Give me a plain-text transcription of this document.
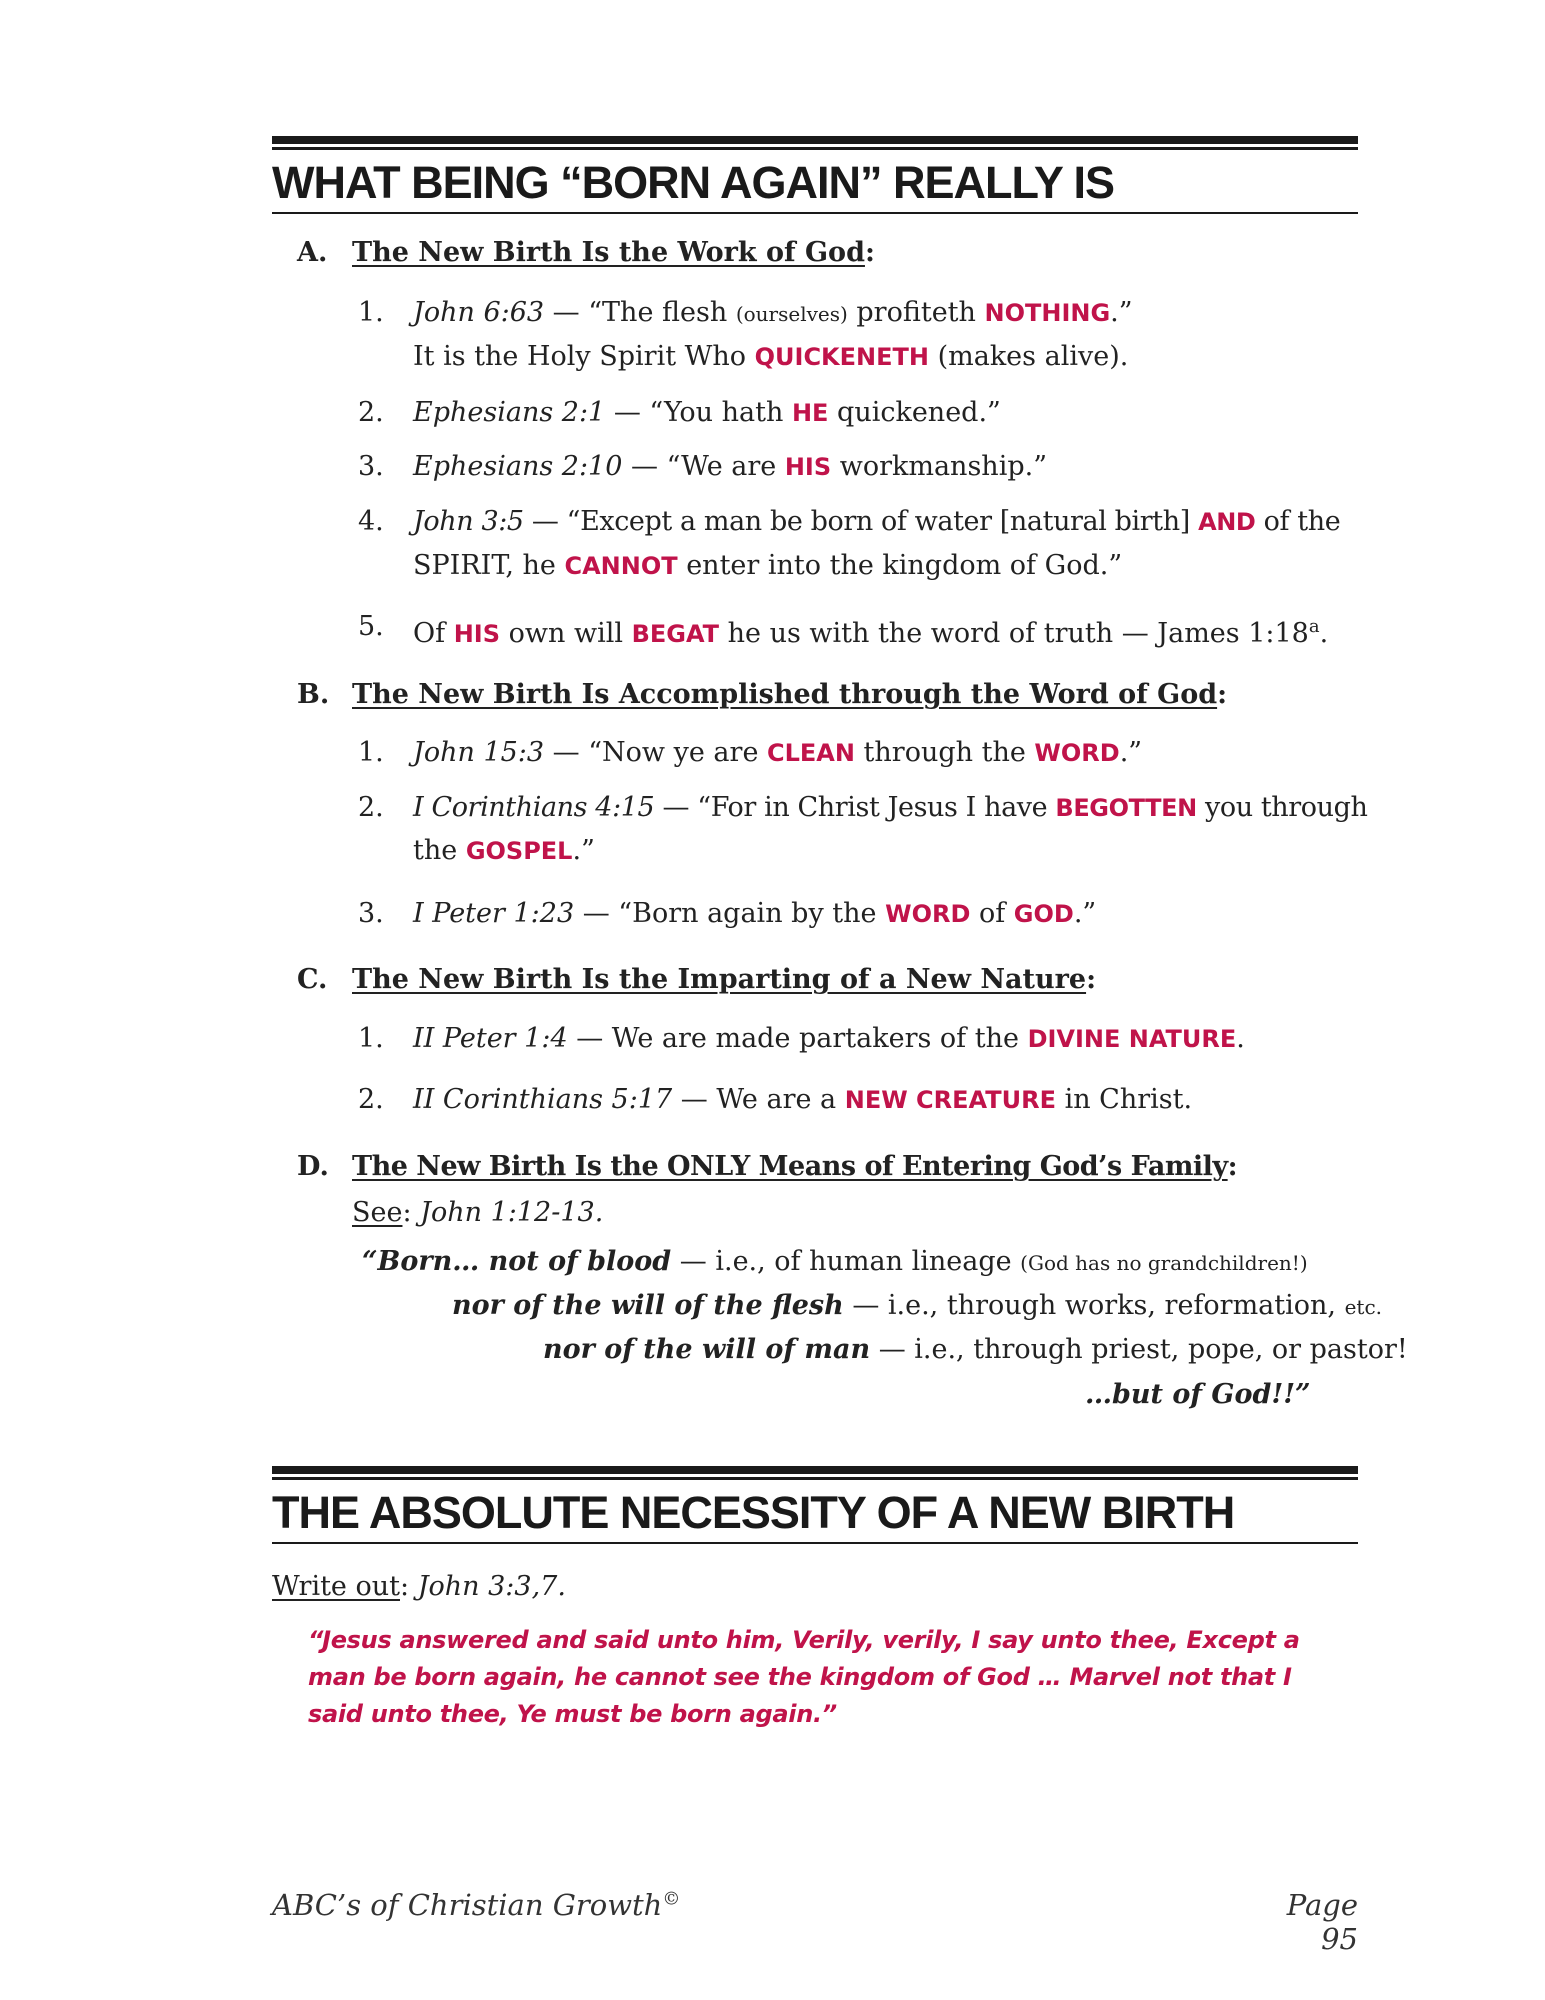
WHAT BEING “BORN AGAIN” REALLY IS
A. The New Birth Is the Work of God:
1. John 6:63 — “The flesh (ourselves) profiteth NOTHING.”
It is the Holy Spirit Who QUICKENETH (makes alive).
2. Ephesians 2:1 — “You hath HE quickened.”
3. Ephesians 2:10 — “We are HIS workmanship.”
4. John 3:5 — “Except a man be born of water [natural birth] AND of the
SPIRIT, he CANNOT enter into the kingdom of God.”
5. Of HIS own will BEGAT he us with the word of truth — James 1:18$^a$.
B. The New Birth Is Accomplished through the Word of God:
1. John 15:3 — “Now ye are CLEAN through the WORD.”
2. I Corinthians 4:15 — “For in Christ Jesus I have BEGOTTEN you through
the GOSPEL.”
3. I Peter 1:23 — “Born again by the WORD of GOD.”
C. The New Birth Is the Imparting of a New Nature:
1. II Peter 1:4 — We are made partakers of the DIVINE NATURE.
2. II Corinthians 5:17 — We are a NEW CREATURE in Christ.
D. The New Birth Is the ONLY Means of Entering God’s Family:
See: John 1:12-13.
“Born… not of blood — i.e., of human lineage (God has no grandchildren!)
nor of the will of the flesh — i.e., through works, reformation, etc.
nor of the will of man — i.e., through priest, pope, or pastor!
…but of God!!”
THE ABSOLUTE NECESSITY OF A NEW BIRTH
Write out: John 3:3,7.
“Jesus answered and said unto him, Verily, verily, I say unto thee, Except a man be born again, he cannot see the kingdom of God … Marvel not that I said unto thee, Ye must be born again.”
ABC’s of Christian Growth©	Page 95
